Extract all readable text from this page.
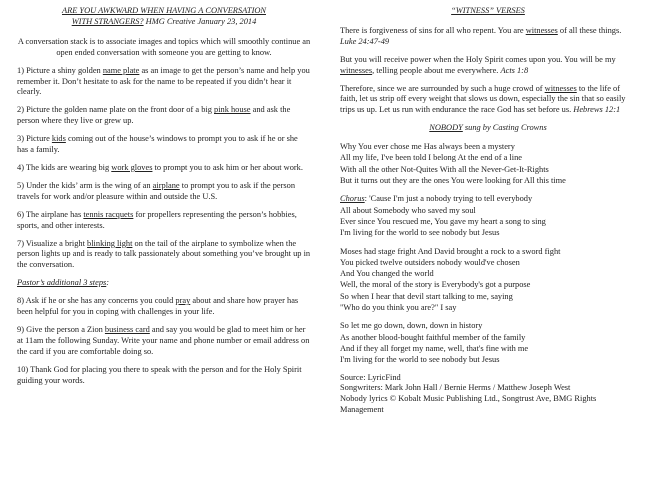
ARE YOU AWKWARD WHEN HAVING A CONVERSATION
WITH STRANGERS? HMG Creative January 23, 2014

A conversation stack is to associate images and topics which will smoothly continue an open ended conversation with someone you are getting to know.

1) Picture a shiny golden name plate as an image to get the person’s name and help you remember it. Don’t hesitate to ask for the name to be repeated if you didn’t hear it clearly.

2) Picture the golden name plate on the front door of a big pink house and ask the person where they live or grew up.

3) Picture kids coming out of the house’s windows to prompt you to ask if he or she has a family.

4) The kids are wearing big work gloves to prompt you to ask him or her about work.

5) Under the kids’ arm is the wing of an airplane to prompt you to ask if the person travels for work and/or pleasure within and outside the U.S.

6) The airplane has tennis racquets for propellers representing the person’s hobbies, sports, and other interests.

7) Visualize a bright blinking light on the tail of the airplane to symbolize when the person lights up and is ready to talk passionately about something you’ve brought up in the conversation.

Pastor’s additional 3 steps:

8) Ask if he or she has any concerns you could pray about and share how prayer has been helpful for you in coping with challenges in your life.

9) Give the person a Zion business card and say you would be glad to meet him or her at 11am the following Sunday. Write your name and phone number or email address on the card if you are comfortable doing so.

10) Thank God for placing you there to speak with the person and for the Holy Spirit guiding your words.

“WITNESS” VERSES

There is forgiveness of sins for all who repent. You are witnesses of all these things. Luke 24:47-49

But you will receive power when the Holy Spirit comes upon you. You will be my witnesses, telling people about me everywhere. Acts 1:8

Therefore, since we are surrounded by such a huge crowd of witnesses to the life of faith, let us strip off every weight that slows us down, especially the sin that so easily trips us up. Let us run with endurance the race God has set before us. Hebrews 12:1

NOBODY sung by Casting Crowns

Why You ever chose me Has always been a mystery

All my life, I've been told I belong At the end of a line

With all the other Not-Quites With all the Never-Get-It-Rights

But it turns out they are the ones You were looking for All this time

Chorus: 'Cause I'm just a nobody trying to tell everybody

All about Somebody who saved my soul

Ever since You rescued me, You gave my heart a song to sing

I'm living for the world to see nobody but Jesus

Moses had stage fright And David brought a rock to a sword fight

You picked twelve outsiders nobody would've chosen

And You changed the world

Well, the moral of the story is Everybody's got a purpose

So when I hear that devil start talking to me, saying

"Who do you think you are?" I say

So let me go down, down, down in history

As another blood-bought faithful member of the family

And if they all forget my name, well, that's fine with me

I'm living for the world to see nobody but Jesus

Source: LyricFind

Songwriters: Mark John Hall / Bernie Herms / Matthew Joseph West

Nobody lyrics © Kobalt Music Publishing Ltd., Songtrust Ave, BMG Rights Management
